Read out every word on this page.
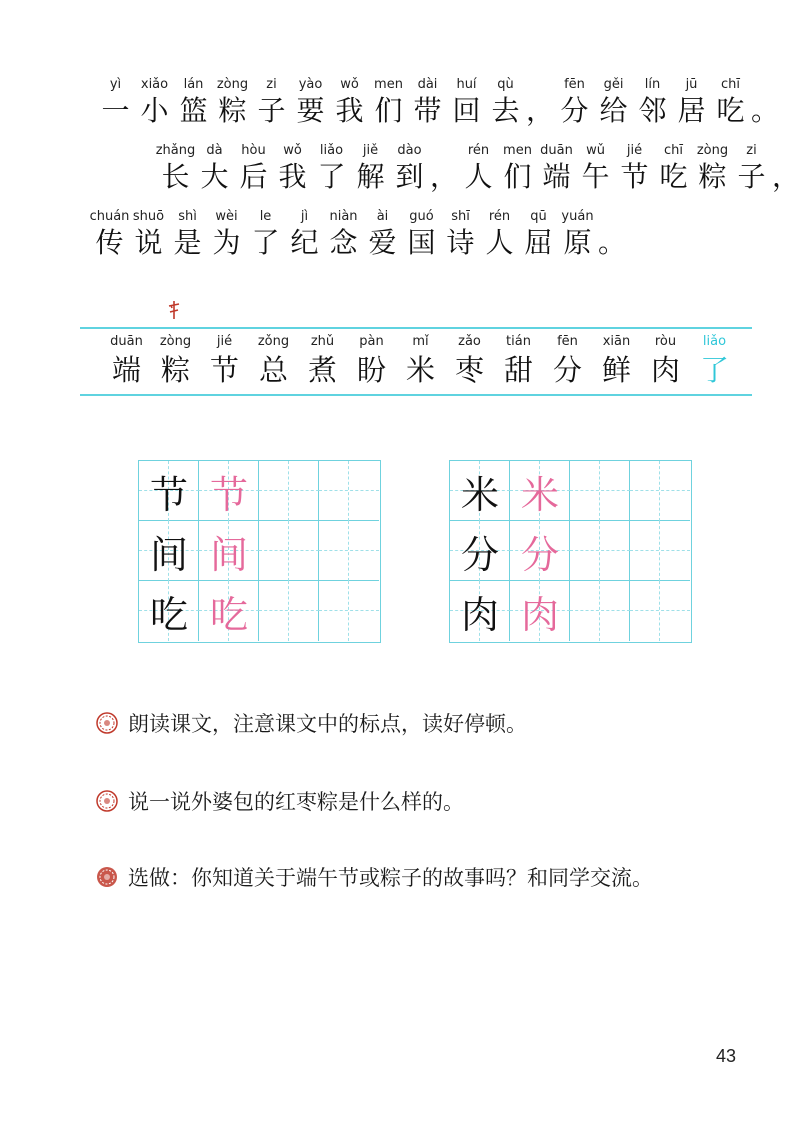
yì
一
xiǎo
小
lán
篮
zòng
粽
zi
子
yào
要
wǒ
我
men
们
dài
带
huí
回
qù
去 ，
fēn
分
gěi
给
lín
邻
jū
居
chī
吃 。
zhǎng
长
dà
大
hòu
后
wǒ
我
liǎo
了
jiě
解
dào
到 ，
rén
人
men
们
duān
端
wǔ
午
jié
节
chī
吃
zòng
粽
zi
子 ，
chuán
传
shuō
说
shì
是
wèi
为
le
了
jì
纪
niàn
念
ài
爱
guó
国
shī
诗
rén
人
qū
屈
yuán
原 。
duān
端
zòng
粽
jié
节
zǒng
总
zhǔ
煮
pàn
盼
mǐ
米
zǎo
枣
tián
甜
fēn
分
xiān
鲜
ròu
肉
liǎo
了
节 节
间 间
吃 吃
米 米
分 分
肉 肉
朗读课文，注意课文中的标点，读好停顿。
说一说外婆包的红枣粽是什么样的。
选做：你知道关于端午节或粽子的故事吗？和同学交流。
43
